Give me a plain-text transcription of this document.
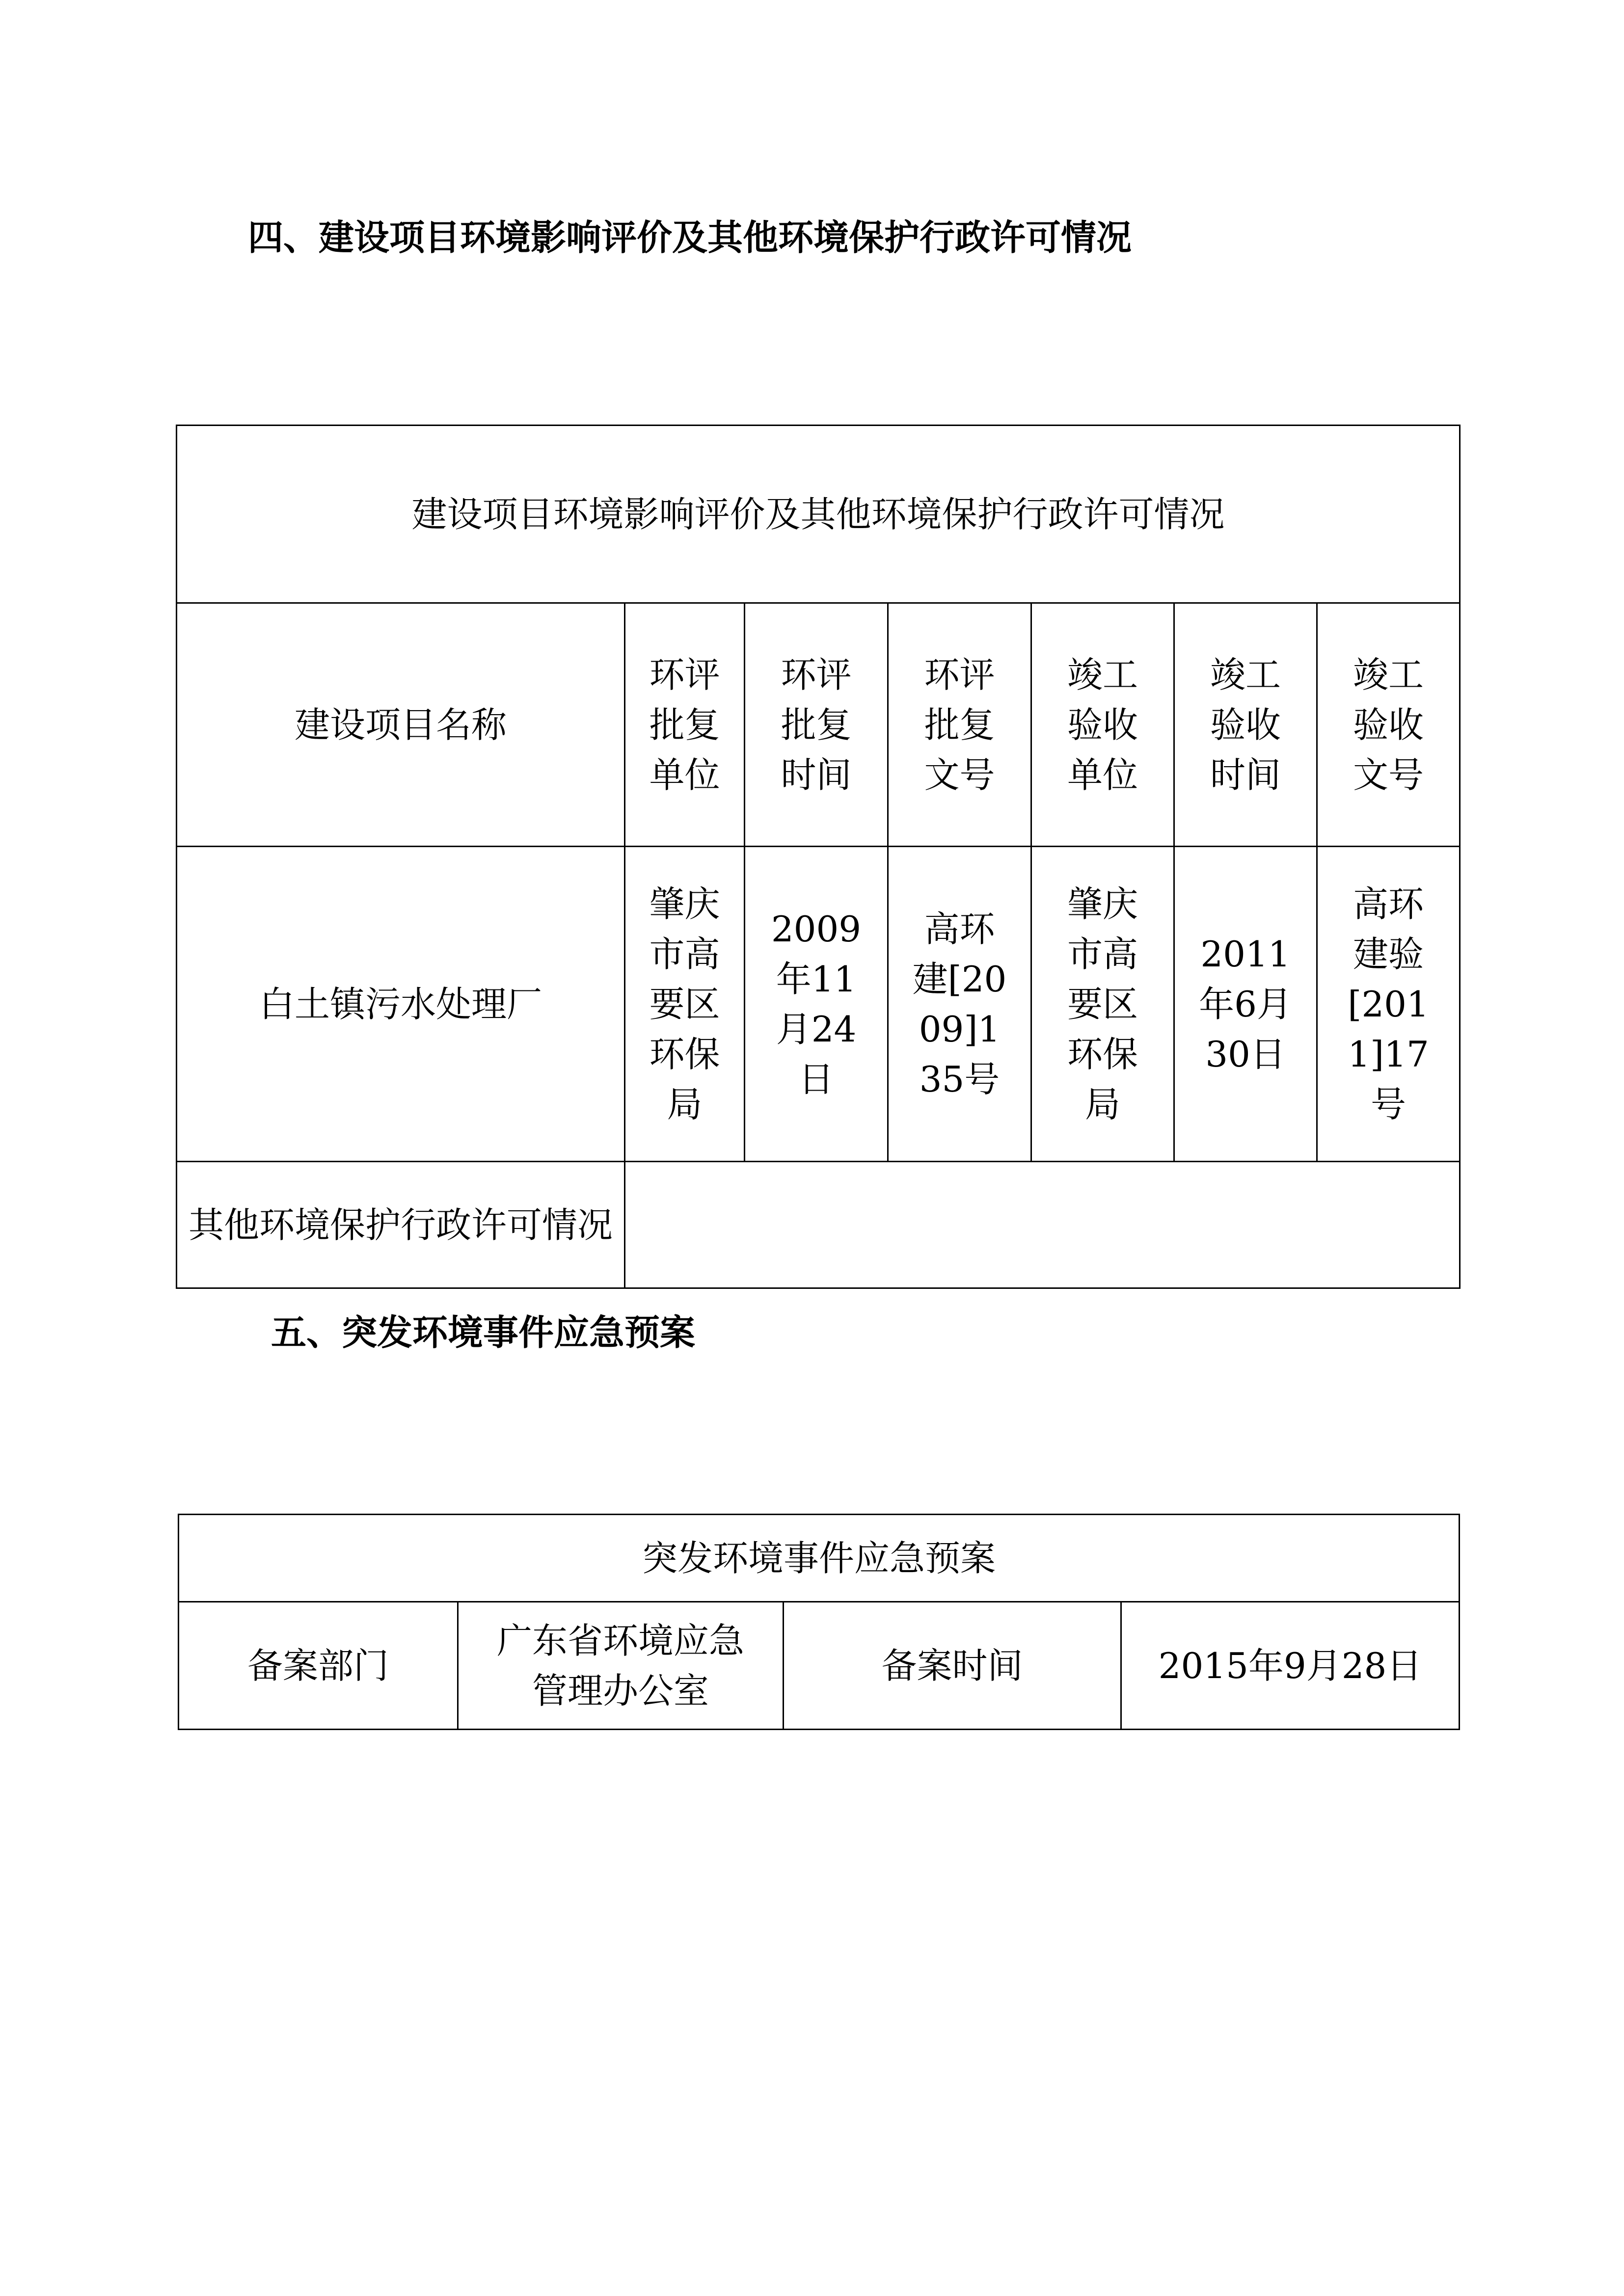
四、建设项目环境影响评价及其他环境保护行政许可情况
建设项目环境影响评价及其他环境保护行政许可情况						
建设项目名称	环评批复单位	环评批复时间	环评批复文号	竣工验收单位	竣工验收时间	竣工验收文号
白土镇污水处理厂	肇庆市高要区环保局	2009年11月24日	高环建[2009]135号	肇庆市高要区环保局	2011年6月30日	高环建验[2011]17号
其他环境保护行政许可情况						
五、突发环境事件应急预案
突发环境事件应急预案
备案部门	广东省环境应急管理办公室	备案时间	2015年9月28日
